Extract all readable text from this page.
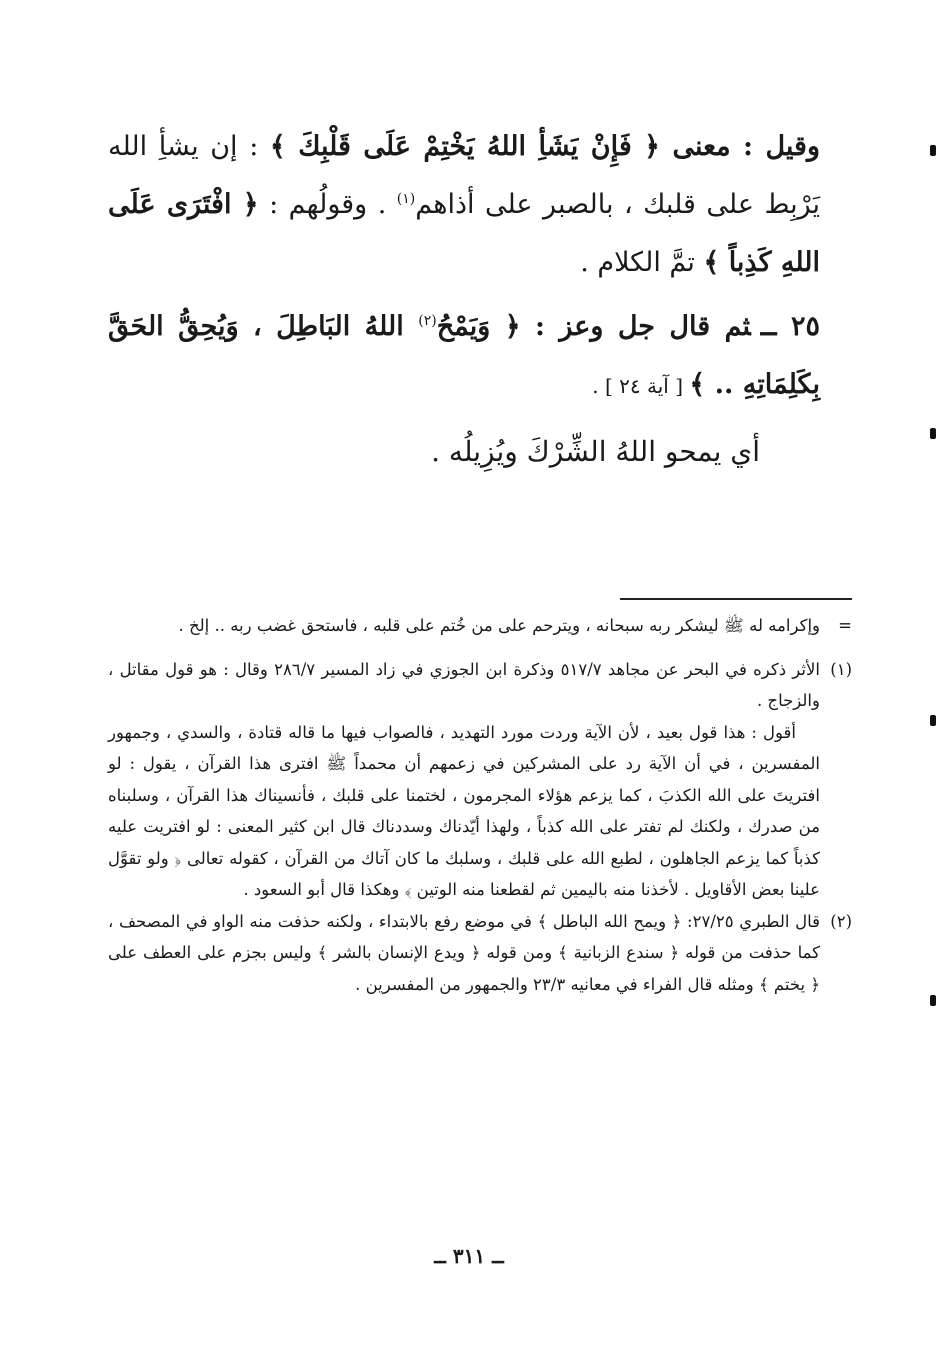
وقيل : معنى ﴿ فَإِنْ يَشَأِ اللهُ يَخْتِمْ عَلَى قَلْبِكَ ﴾ : إن يشأِ الله يَرْبِط على قلبك ، بالصبر على أذاهم$^{(١)}$ . وقولُهم : ﴿ افْتَرَى عَلَى اللهِ كَذِباً ﴾ تمَّ الكلام .

٢٥ ــثم قال جل وعز : ﴿ وَيَمْحُ$^{(٢)}$ اللهُ البَاطِلَ ، وَيُحِقُّ الحَقَّ بِكَلِمَاتِهِ .. ﴾ [ آية ٢٤ ] .

أي يمحو اللهُ الشِّرْكَ ويُزِيلُه .

=

وإكرامه له ﷺ ليشكر ربه سبحانه ، ويترحم على من خُتم على قلبه ، فاستحق غضب ربه .. إلخ .

(١)

الأثر ذكره في البحر عن مجاهد ٥١٧/٧ وذكرة ابن الجوزي في زاد المسير ٢٨٦/٧ وقال : هو قول مقاتل ، والزجاج .

أقول : هذا قول بعيد ، لأن الآية وردت مورد التهديد ، فالصواب فيها ما قاله قتادة ، والسدي ، وجمهور المفسرين ، في أن الآية رد على المشركين في زعمهم أن محمداً ﷺ افترى هذا القرآن ، يقول : لو افتريتَ على الله الكذبَ ، كما يزعم هؤلاء المجرمون ، لختمنا على قلبك ، فأنسيناك هذا القرآن ، وسلبناه من صدرك ، ولكنك لم تفتر على الله كذباً ، ولهذا أيّدناك وسددناك قال ابن كثير المعنى : لو افتريت عليه كذباً كما يزعم الجاهلون ، لطبع الله على قلبك ، وسلبك ما كان آتاك من القرآن ، كقوله تعالى ﴿ ولو تقوَّل علينا بعض الأقاويل . لأخذنا منه باليمين ثم لقطعنا منه الوتين ﴾ وهكذا قال أبو السعود .

(٢)

قال الطبري ٢٧/٢٥: ﴿ ويمح الله الباطل ﴾ في موضع رفع بالابتداء ، ولكنه حذفت منه الواو في المصحف ، كما حذفت من قوله ﴿ سندع الزبانية ﴾ ومن قوله ﴿ ويدع الإنسان بالشر ﴾ وليس بجزم على العطف على ﴿ يختم ﴾ ومثله قال الفراء في معانيه ٢٣/٣ والجمهور من المفسرين .

ــ ٣١١ ــ
